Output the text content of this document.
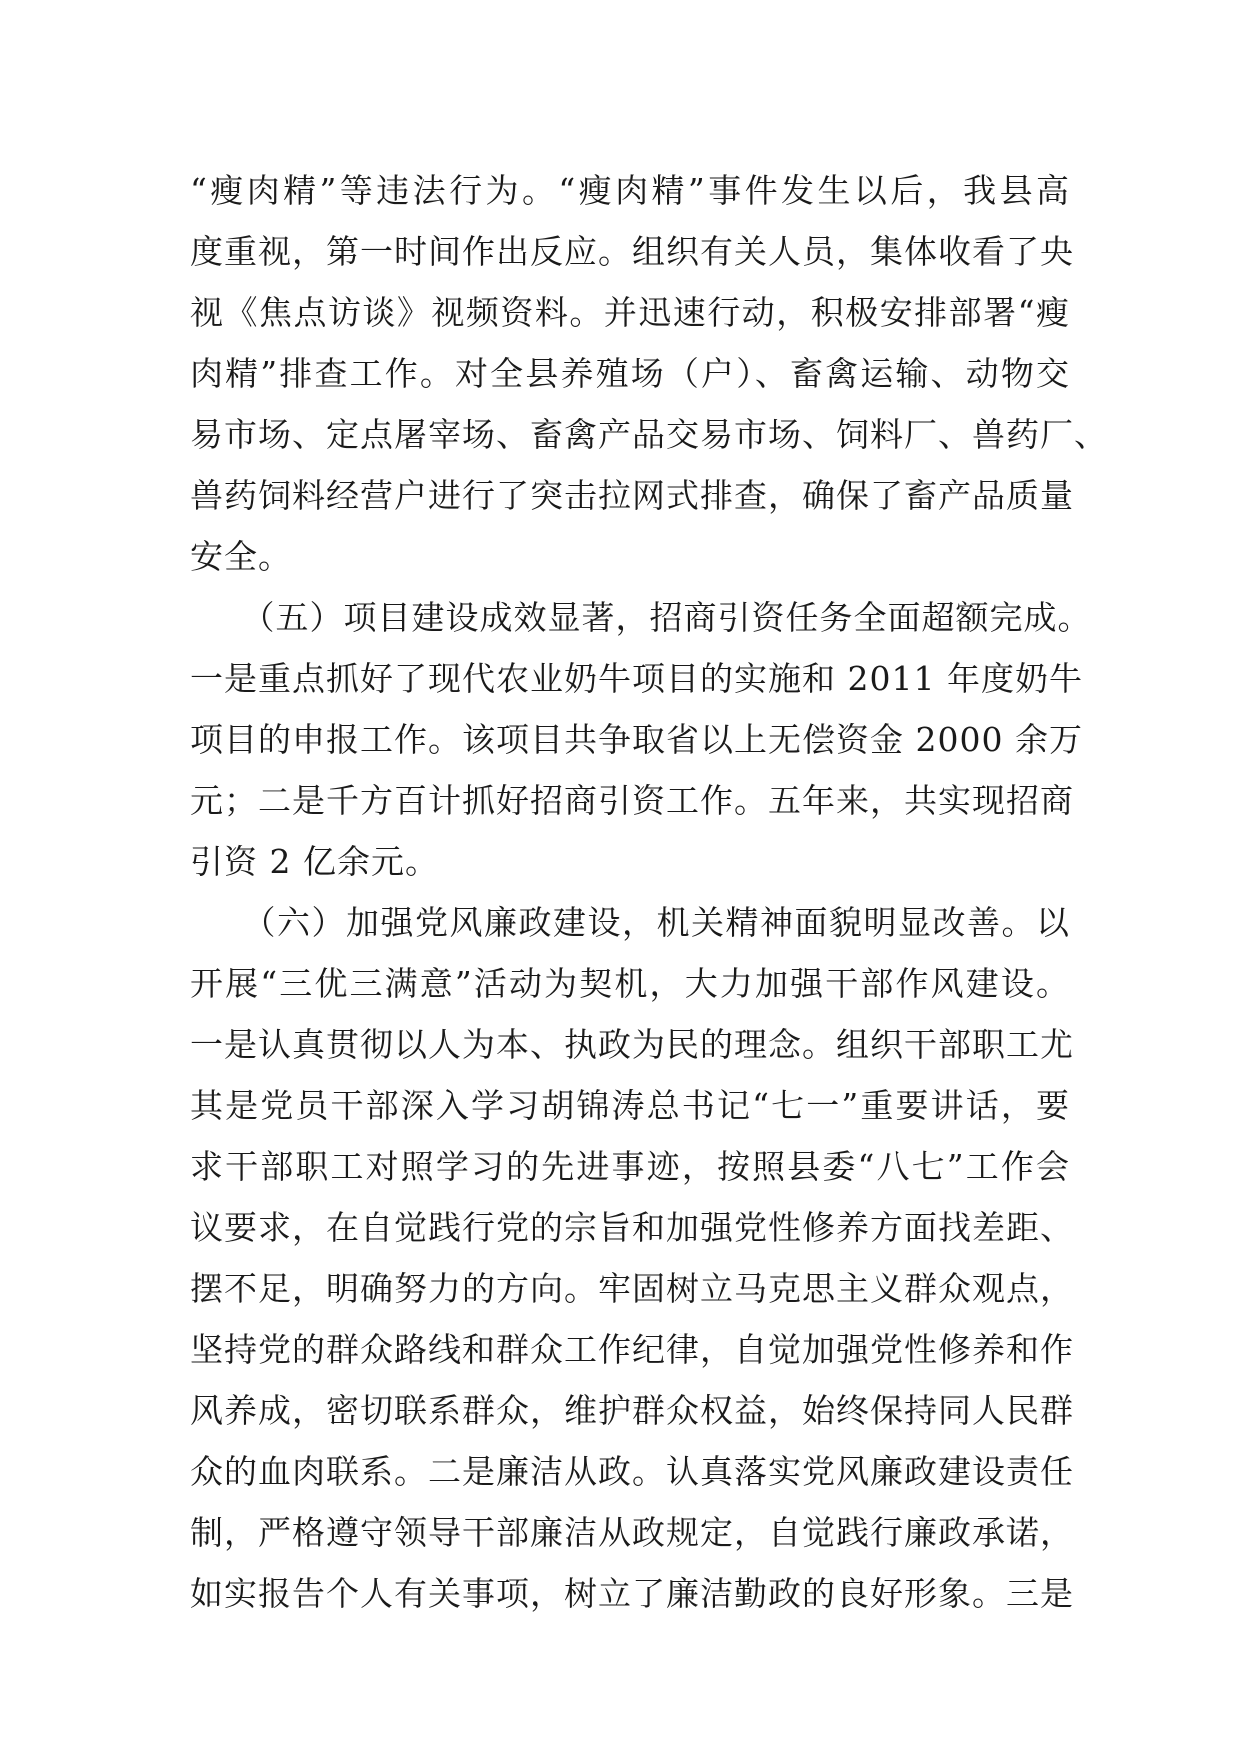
“瘦肉精”等违法行为。“瘦肉精”事件发生以后，我县高
度重视，第一时间作出反应。组织有关人员，集体收看了央
视《焦点访谈》视频资料。并迅速行动，积极安排部署“瘦
肉精”排查工作。对全县养殖场（户）、畜禽运输、动物交
易市场、定点屠宰场、畜禽产品交易市场、饲料厂、兽药厂、
兽药饲料经营户进行了突击拉网式排查，确保了畜产品质量
安全。
　　（五）项目建设成效显著，招商引资任务全面超额完成。
一是重点抓好了现代农业奶牛项目的实施和 2011 年度奶牛
项目的申报工作。该项目共争取省以上无偿资金 2000 余万
元；二是千方百计抓好招商引资工作。五年来，共实现招商
引资 2 亿余元。
　　（六）加强党风廉政建设，机关精神面貌明显改善。以
开展“三优三满意”活动为契机，大力加强干部作风建设。
一是认真贯彻以人为本、执政为民的理念。组织干部职工尤
其是党员干部深入学习胡锦涛总书记“七一”重要讲话，要
求干部职工对照学习的先进事迹，按照县委“八七”工作会
议要求，在自觉践行党的宗旨和加强党性修养方面找差距、
摆不足，明确努力的方向。牢固树立马克思主义群众观点，
坚持党的群众路线和群众工作纪律，自觉加强党性修养和作
风养成，密切联系群众，维护群众权益，始终保持同人民群
众的血肉联系。二是廉洁从政。认真落实党风廉政建设责任
制，严格遵守领导干部廉洁从政规定，自觉践行廉政承诺，
如实报告个人有关事项，树立了廉洁勤政的良好形象。三是
